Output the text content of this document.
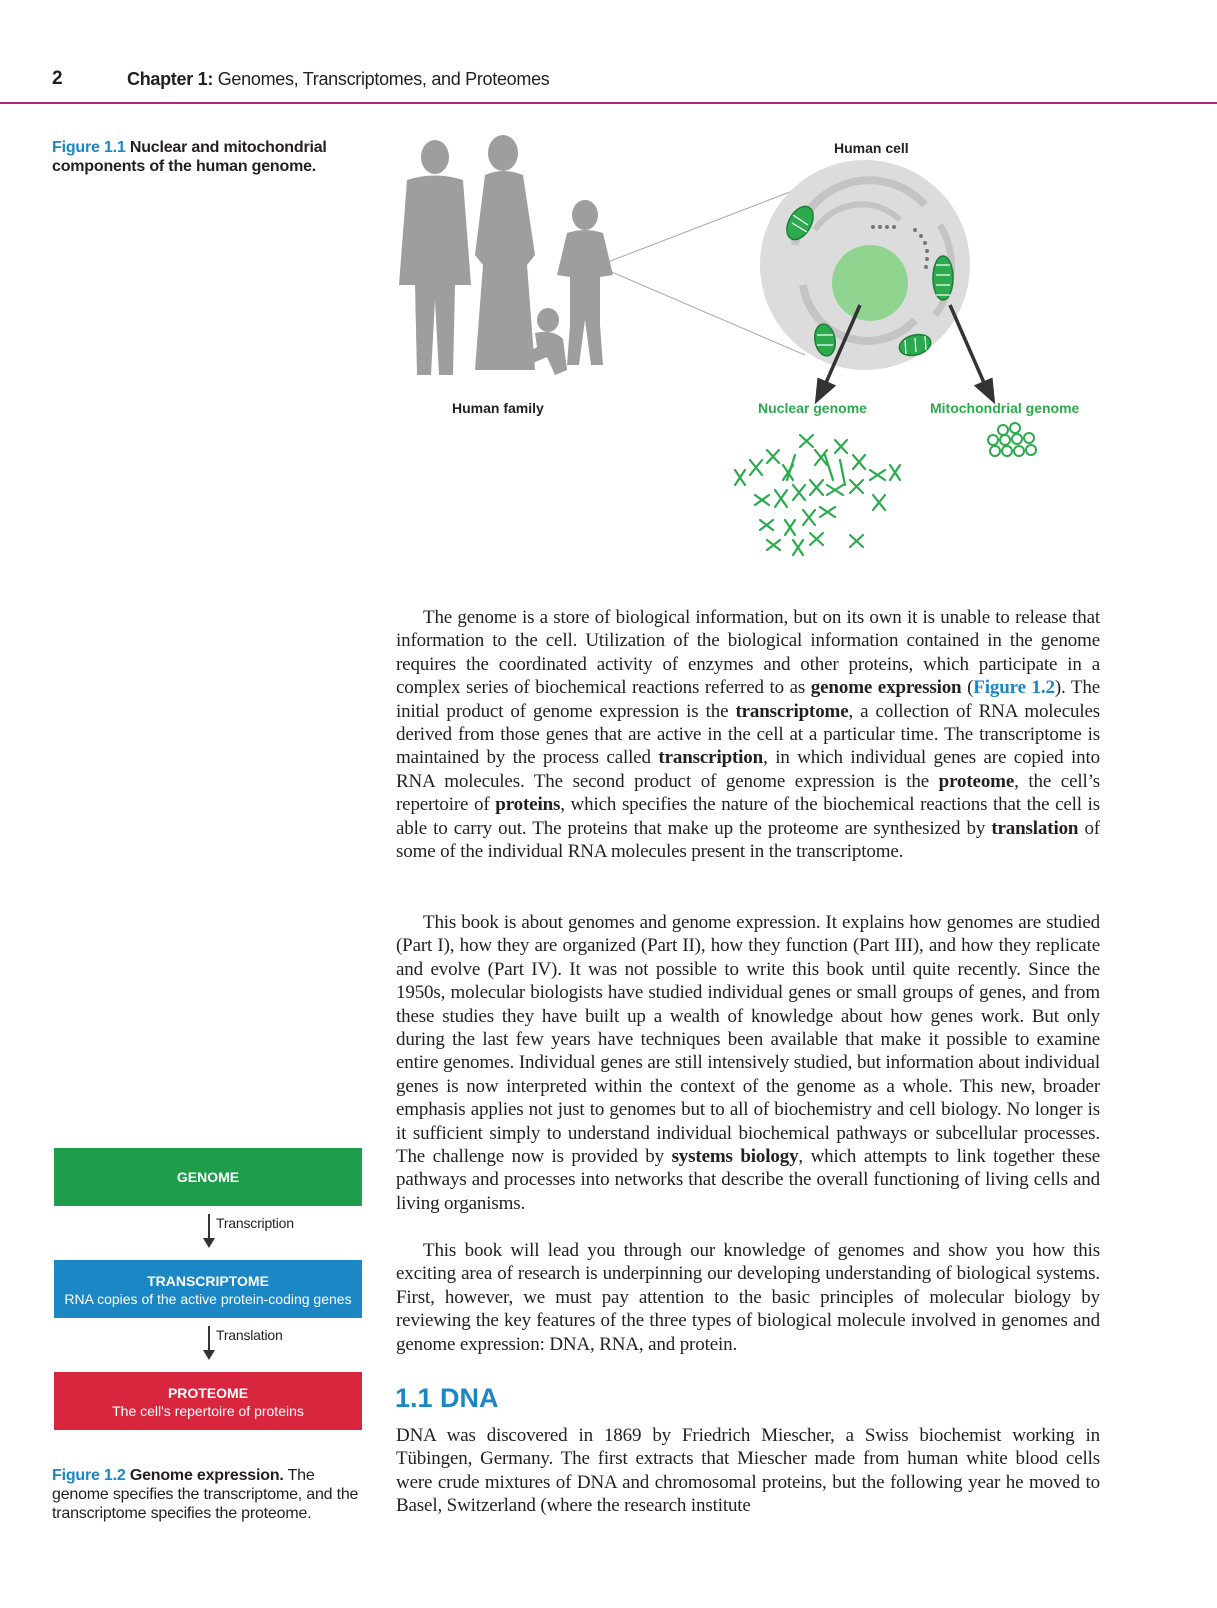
2	Chapter 1: Genomes, Transcriptomes, and Proteomes
Figure 1.1 Nuclear and mitochondrial components of the human genome.
Human cell
Human family	Nuclear genome	Mitochondrial genome
GENOME
Transcription
TRANSCRIPTOME
RNA copies of the active protein-coding genes
Translation
PROTEOME
The cell's repertoire of proteins
Figure 1.2 Genome expression. The genome specifies the transcriptome, and the transcriptome specifies the proteome.
The genome is a store of biological information, but on its own it is unable to release that information to the cell. Utilization of the biological information contained in the genome requires the coordinated activity of enzymes and other proteins, which participate in a complex series of biochemical reactions referred to as genome expression (Figure 1.2). The initial product of genome expression is the transcriptome, a collection of RNA molecules derived from those genes that are active in the cell at a particular time. The transcriptome is maintained by the process called transcription, in which individual genes are copied into RNA molecules. The second product of genome expression is the proteome, the cell’s repertoire of proteins, which specifies the nature of the biochemical reactions that the cell is able to carry out. The proteins that make up the proteome are synthesized by translation of some of the individual RNA molecules present in the transcriptome.
This book is about genomes and genome expression. It explains how genomes are studied (Part I), how they are organized (Part II), how they function (Part III), and how they replicate and evolve (Part IV). It was not possible to write this book until quite recently. Since the 1950s, molecular biologists have studied individual genes or small groups of genes, and from these studies they have built up a wealth of knowledge about how genes work. But only during the last few years have techniques been available that make it possible to examine entire genomes. Individual genes are still intensively studied, but information about individual genes is now interpreted within the context of the genome as a whole. This new, broader emphasis applies not just to genomes but to all of biochemistry and cell biology. No longer is it sufficient simply to understand individual biochemical pathways or subcellular processes. The challenge now is provided by systems biology, which attempts to link together these pathways and processes into networks that describe the overall functioning of living cells and living organisms.
This book will lead you through our knowledge of genomes and show you how this exciting area of research is underpinning our developing understanding of biological systems. First, however, we must pay attention to the basic principles of molecular biology by reviewing the key features of the three types of biological molecule involved in genomes and genome expression: DNA, RNA, and protein.
1.1 DNA
DNA was discovered in 1869 by Friedrich Miescher, a Swiss biochemist working in Tübingen, Germany. The first extracts that Miescher made from human white blood cells were crude mixtures of DNA and chromosomal proteins, but the following year he moved to Basel, Switzerland (where the research institute
